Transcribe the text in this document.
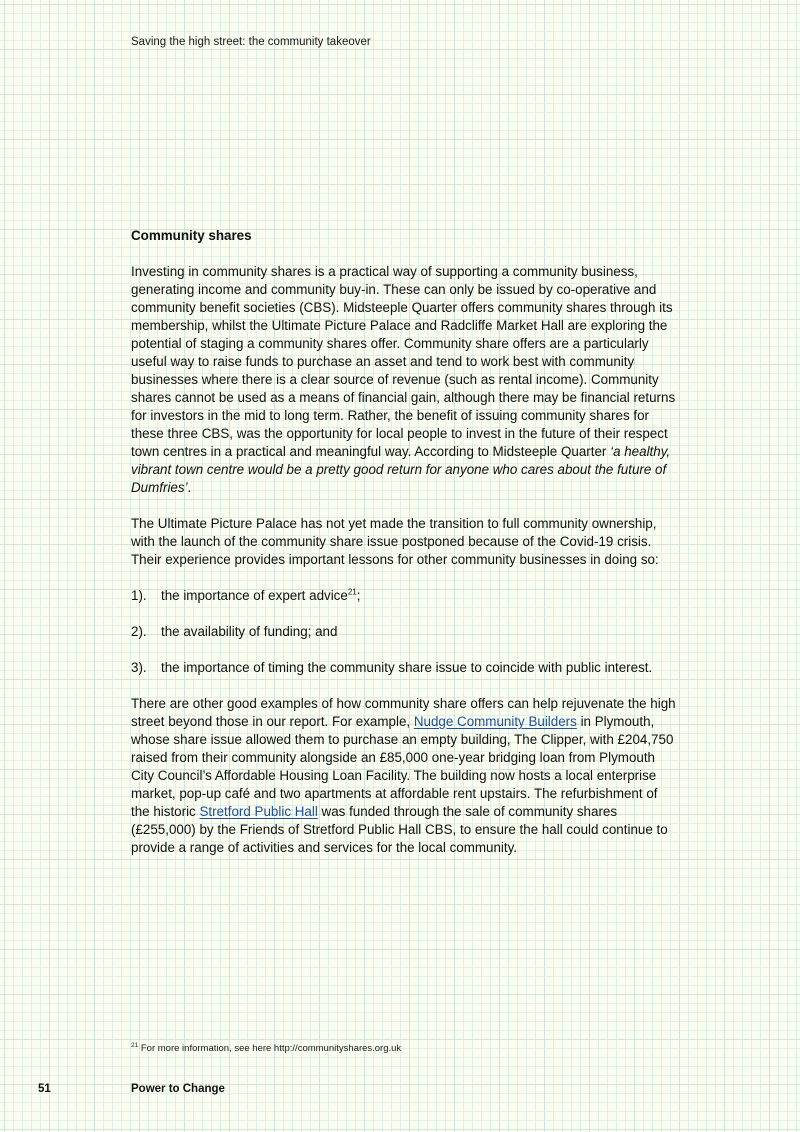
Saving the high street: the community takeover
Community shares

Investing in community shares is a practical way of supporting a community business, generating income and community buy-in. These can only be issued by co-operative and community benefit societies (CBS). Midsteeple Quarter offers community shares through its membership, whilst the Ultimate Picture Palace and Radcliffe Market Hall are exploring the potential of staging a community shares offer. Community share offers are a particularly useful way to raise funds to purchase an asset and tend to work best with community businesses where there is a clear source of revenue (such as rental income). Community shares cannot be used as a means of financial gain, although there may be financial returns for investors in the mid to long term. Rather, the benefit of issuing community shares for these three CBS, was the opportunity for local people to invest in the future of their respect town centres in a practical and meaningful way. According to Midsteeple Quarter ‘a healthy, vibrant town centre would be a pretty good return for anyone who cares about the future of Dumfries’.

The Ultimate Picture Palace has not yet made the transition to full community ownership, with the launch of the community share issue postponed because of the Covid-19 crisis. Their experience provides important lessons for other community businesses in doing so:

1).	the importance of expert advice$^{21}$;
2).	the availability of funding; and
3).	the importance of timing the community share issue to coincide with public interest.

There are other good examples of how community share offers can help rejuvenate the high street beyond those in our report. For example, Nudge Community Builders in Plymouth, whose share issue allowed them to purchase an empty building, The Clipper, with £204,750 raised from their community alongside an £85,000 one-year bridging loan from Plymouth City Council’s Affordable Housing Loan Facility. The building now hosts a local enterprise market, pop-up café and two apartments at affordable rent upstairs. The refurbishment of the historic Stretford Public Hall was funded through the sale of community shares (£255,000) by the Friends of Stretford Public Hall CBS, to ensure the hall could continue to provide a range of activities and services for the local community.

$^{21}$ For more information, see here http://communityshares.org.uk
51	Power to Change
